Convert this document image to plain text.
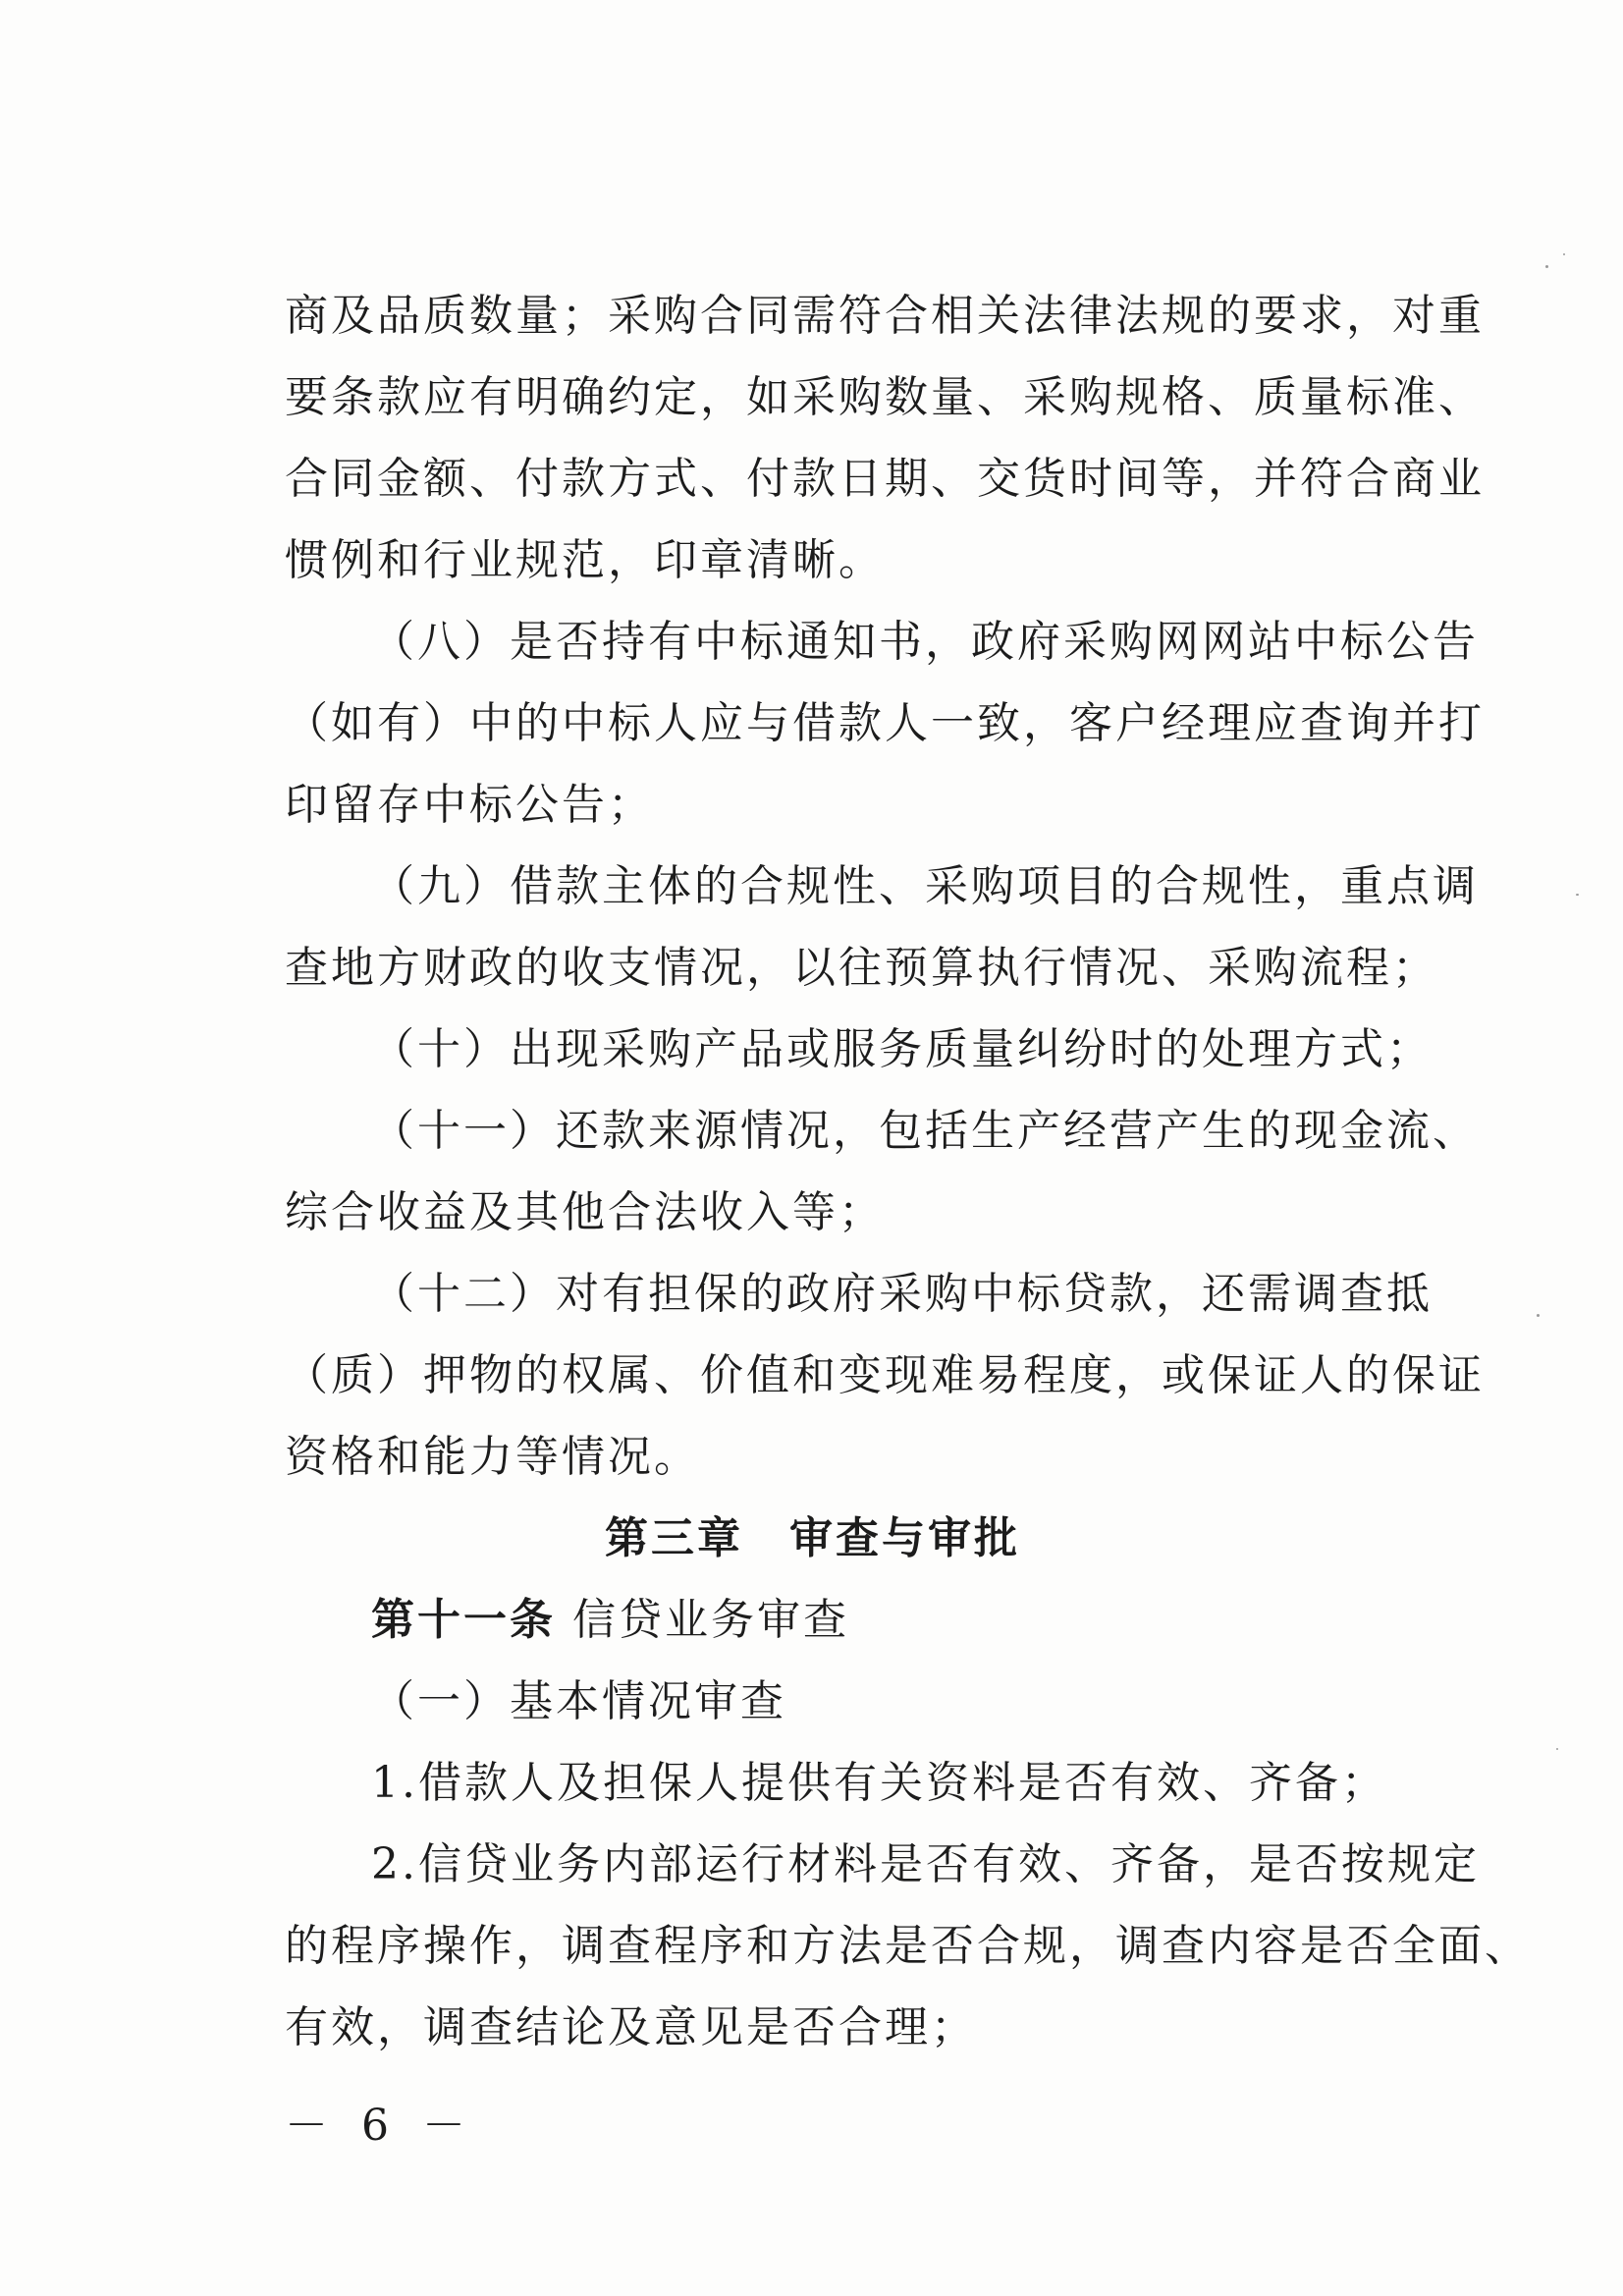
商及品质数量；采购合同需符合相关法律法规的要求，对重
要条款应有明确约定，如采购数量、采购规格、质量标准、
合同金额、付款方式、付款日期、交货时间等，并符合商业
惯例和行业规范，印章清晰。
（八）是否持有中标通知书，政府采购网网站中标公告
（如有）中的中标人应与借款人一致，客户经理应查询并打
印留存中标公告；
（九）借款主体的合规性、采购项目的合规性，重点调
查地方财政的收支情况，以往预算执行情况、采购流程；
（十）出现采购产品或服务质量纠纷时的处理方式；
（十一）还款来源情况，包括生产经营产生的现金流、
综合收益及其他合法收入等；
（十二）对有担保的政府采购中标贷款，还需调查抵
（质）押物的权属、价值和变现难易程度，或保证人的保证
资格和能力等情况。
第三章　审查与审批
第十一条 信贷业务审查
（一）基本情况审查
1.借款人及担保人提供有关资料是否有效、齐备；
2.信贷业务内部运行材料是否有效、齐备，是否按规定
的程序操作，调查程序和方法是否合规，调查内容是否全面、
有效，调查结论及意见是否合理；
－ 6 －
